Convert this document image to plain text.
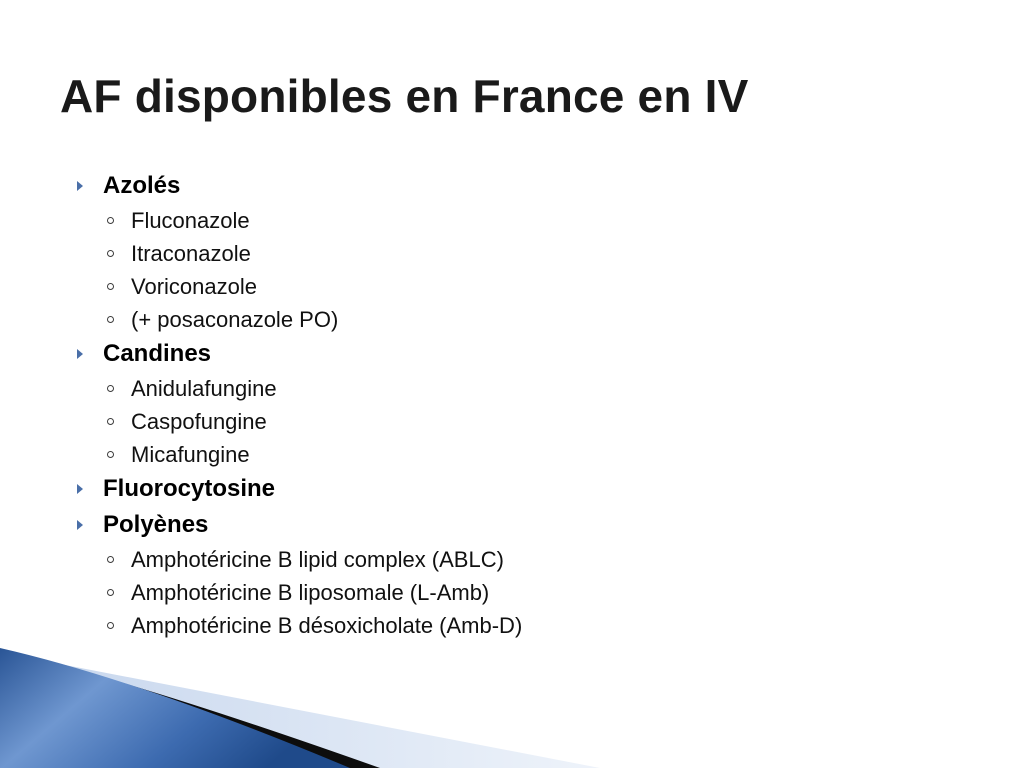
AF disponibles en France en IV
Azolés
Fluconazole
Itraconazole
Voriconazole
(+ posaconazole PO)
Candines
Anidulafungine
Caspofungine
Micafungine
Fluorocytosine
Polyènes
Amphotéricine B lipid complex (ABLC)
Amphotéricine B liposomale (L-Amb)
Amphotéricine B désoxicholate (Amb-D)
